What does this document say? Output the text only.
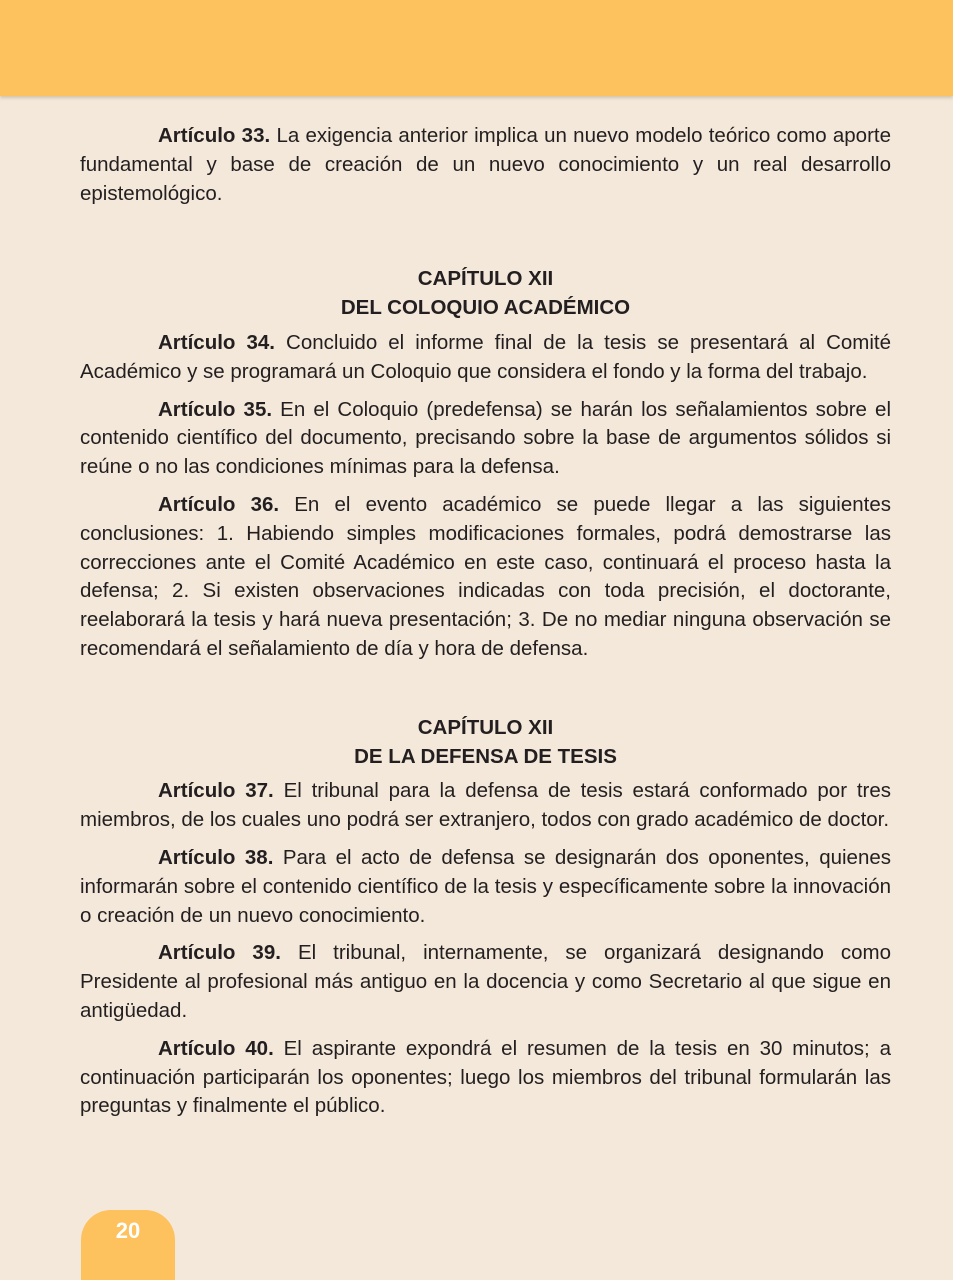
Artículo 33. La exigencia anterior implica un nuevo modelo teórico como aporte fundamental y base de creación de un nuevo conocimiento y un real desarrollo epistemológico.

CAPÍTULO XII
DEL COLOQUIO ACADÉMICO

Artículo 34. Concluido el informe final de la tesis se presentará al Comité Académico y se programará un Coloquio que considera el fondo y la forma del trabajo.

Artículo 35. En el Coloquio (predefensa) se harán los señalamientos sobre el contenido científico del documento, precisando sobre la base de argumentos sólidos si reúne o no las condiciones mínimas para la defensa.

Artículo 36. En el evento académico se puede llegar a las siguientes conclusiones: 1. Habiendo simples modificaciones formales, podrá demostrarse las correcciones ante el Comité Académico en este caso, continuará el proceso hasta la defensa; 2. Si existen observaciones indicadas con toda precisión, el doctorante, reelaborará la tesis y hará nueva presentación; 3. De no mediar ninguna observación se recomendará el señalamiento de día y hora de defensa.

CAPÍTULO XII
DE LA DEFENSA DE TESIS

Artículo 37. El tribunal para la defensa de tesis estará conformado por tres miembros, de los cuales uno podrá ser extranjero, todos con grado académico de doctor.

Artículo 38. Para el acto de defensa se designarán dos oponentes, quienes informarán sobre el contenido científico de la tesis y específicamente sobre la innovación o creación de un nuevo conocimiento.

Artículo 39. El tribunal, internamente, se organizará designando como Presidente al profesional más antiguo en la docencia y como Secretario al que sigue en antigüedad.

Artículo 40. El aspirante expondrá el resumen de la tesis en 30 minutos; a continuación participarán los oponentes; luego los miembros del tribunal formularán las preguntas y finalmente el público.

20
